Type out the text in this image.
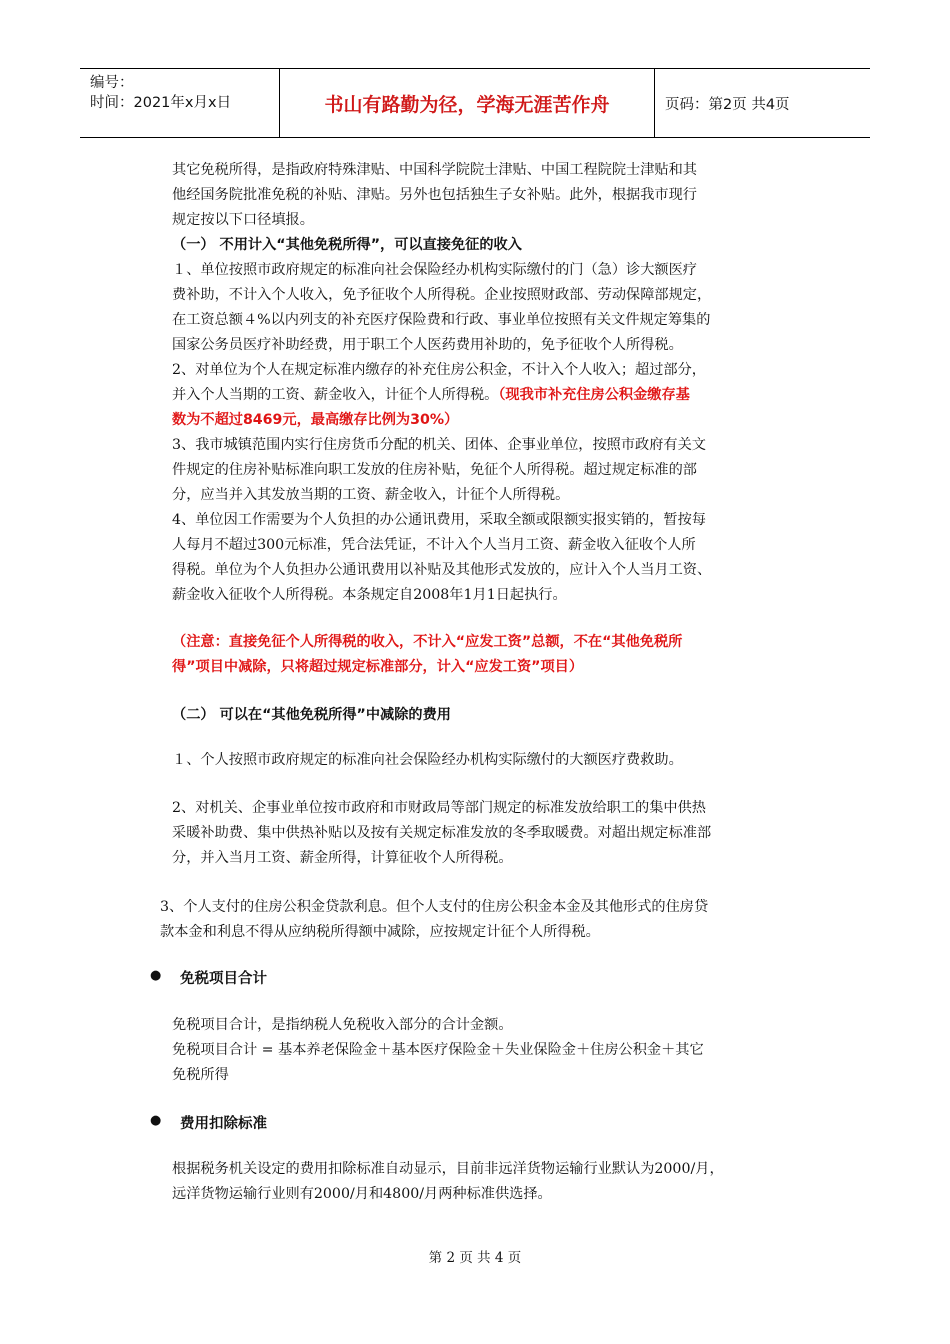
编号：
时间：2021年x月x日	书山有路勤为径，学海无涯苦作舟	页码：第2页 共4页
其它免税所得，是指政府特殊津贴、中国科学院院士津贴、中国工程院院士津贴和其
他经国务院批准免税的补贴、津贴。另外也包括独生子女补贴。此外，根据我市现行
规定按以下口径填报。
（一） 不用计入“其他免税所得”，可以直接免征的收入
１、单位按照市政府规定的标准向社会保险经办机构实际缴付的门（急）诊大额医疗
费补助，不计入个人收入，免予征收个人所得税。企业按照财政部、劳动保障部规定，
在工资总额４%以内列支的补充医疗保险费和行政、事业单位按照有关文件规定筹集的
国家公务员医疗补助经费，用于职工个人医药费用补助的，免予征收个人所得税。
2、对单位为个人在规定标准内缴存的补充住房公积金，不计入个人收入；超过部分，
并入个人当期的工资、薪金收入，计征个人所得税。（现我市补充住房公积金缴存基
数为不超过8469元，最高缴存比例为30%）
3、我市城镇范围内实行住房货币分配的机关、团体、企事业单位，按照市政府有关文
件规定的住房补贴标准向职工发放的住房补贴，免征个人所得税。超过规定标准的部
分，应当并入其发放当期的工资、薪金收入，计征个人所得税。
4、单位因工作需要为个人负担的办公通讯费用，采取全额或限额实报实销的，暂按每
人每月不超过300元标准，凭合法凭证，不计入个人当月工资、薪金收入征收个人所
得税。单位为个人负担办公通讯费用以补贴及其他形式发放的，应计入个人当月工资、
薪金收入征收个人所得税。本条规定自2008年1月1日起执行。
（注意：直接免征个人所得税的收入，不计入“应发工资”总额，不在“其他免税所
得”项目中减除，只将超过规定标准部分，计入“应发工资”项目）
（二） 可以在“其他免税所得”中减除的费用
１、个人按照市政府规定的标准向社会保险经办机构实际缴付的大额医疗费救助。
2、对机关、企事业单位按市政府和市财政局等部门规定的标准发放给职工的集中供热
采暖补助费、集中供热补贴以及按有关规定标准发放的冬季取暖费。对超出规定标准部
分，并入当月工资、薪金所得，计算征收个人所得税。
3、个人支付的住房公积金贷款利息。但个人支付的住房公积金本金及其他形式的住房贷
款本金和利息不得从应纳税所得额中减除，应按规定计征个人所得税。
● 免税项目合计
免税项目合计，是指纳税人免税收入部分的合计金额。
免税项目合计 = 基本养老保险金＋基本医疗保险金＋失业保险金＋住房公积金＋其它
免税所得
● 费用扣除标准
根据税务机关设定的费用扣除标准自动显示，目前非远洋货物运输行业默认为2000/月，
远洋货物运输行业则有2000/月和4800/月两种标准供选择。
第 2 页 共 4 页
